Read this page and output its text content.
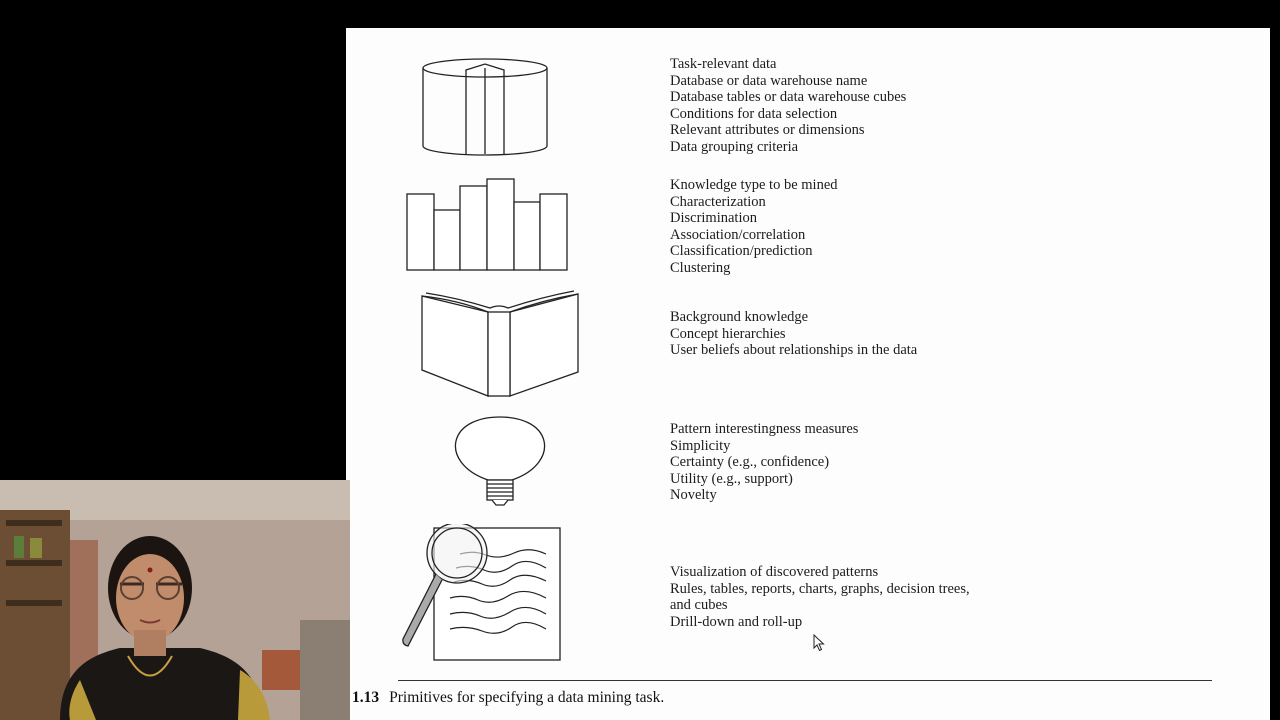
Task-relevant data
Database or data warehouse name
Database tables or data warehouse cubes
Conditions for data selection
Relevant attributes or dimensions
Data grouping criteria
Knowledge type to be mined
Characterization
Discrimination
Association/correlation
Classification/prediction
Clustering
Background knowledge
Concept hierarchies
User beliefs about relationships in the data
Pattern interestingness measures
Simplicity
Certainty (e.g., confidence)
Utility (e.g., support)
Novelty
Visualization of discovered patterns
Rules, tables, reports, charts, graphs, decision trees,
and cubes
Drill-down and roll-up
1.13 Primitives for specifying a data mining task.
